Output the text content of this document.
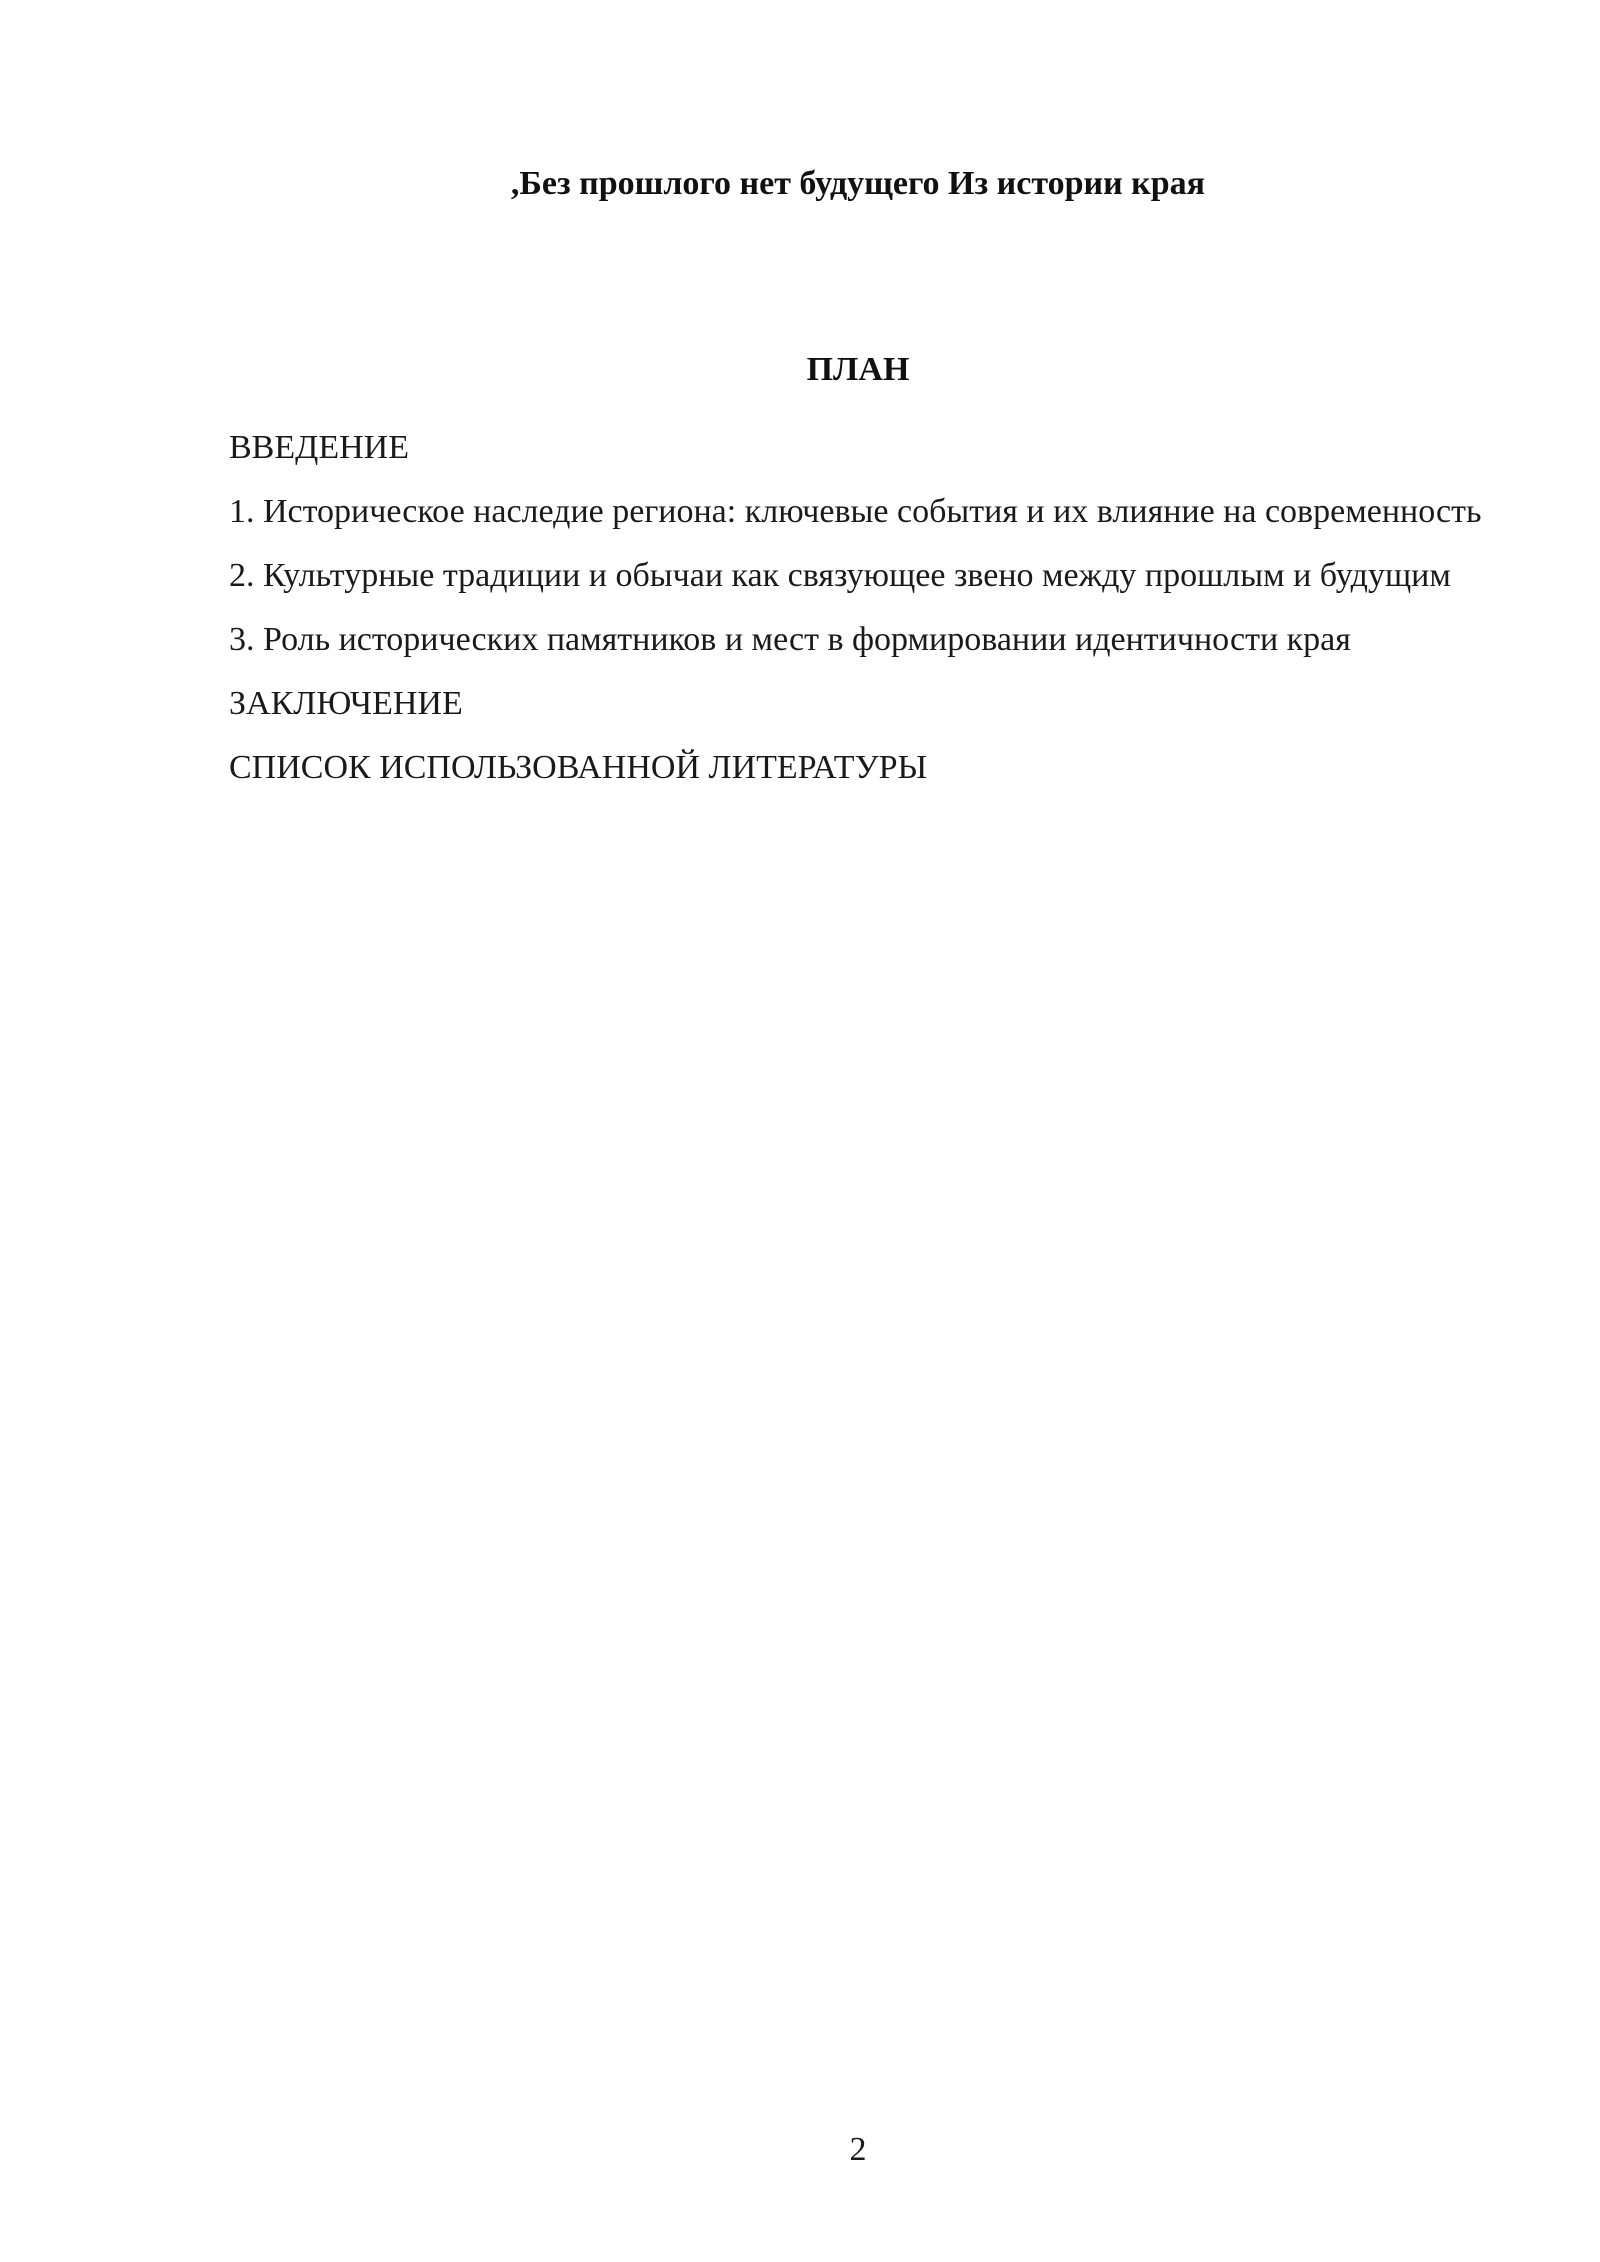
,Без прошлого нет будущего Из истории края
ПЛАН

ВВЕДЕНИЕ

1. Историческое наследие региона: ключевые события и их влияние на современность

2. Культурные традиции и обычаи как связующее звено между прошлым и будущим

3. Роль исторических памятников и мест в формировании идентичности края

ЗАКЛЮЧЕНИЕ

СПИСОК ИСПОЛЬЗОВАННОЙ ЛИТЕРАТУРЫ

2
